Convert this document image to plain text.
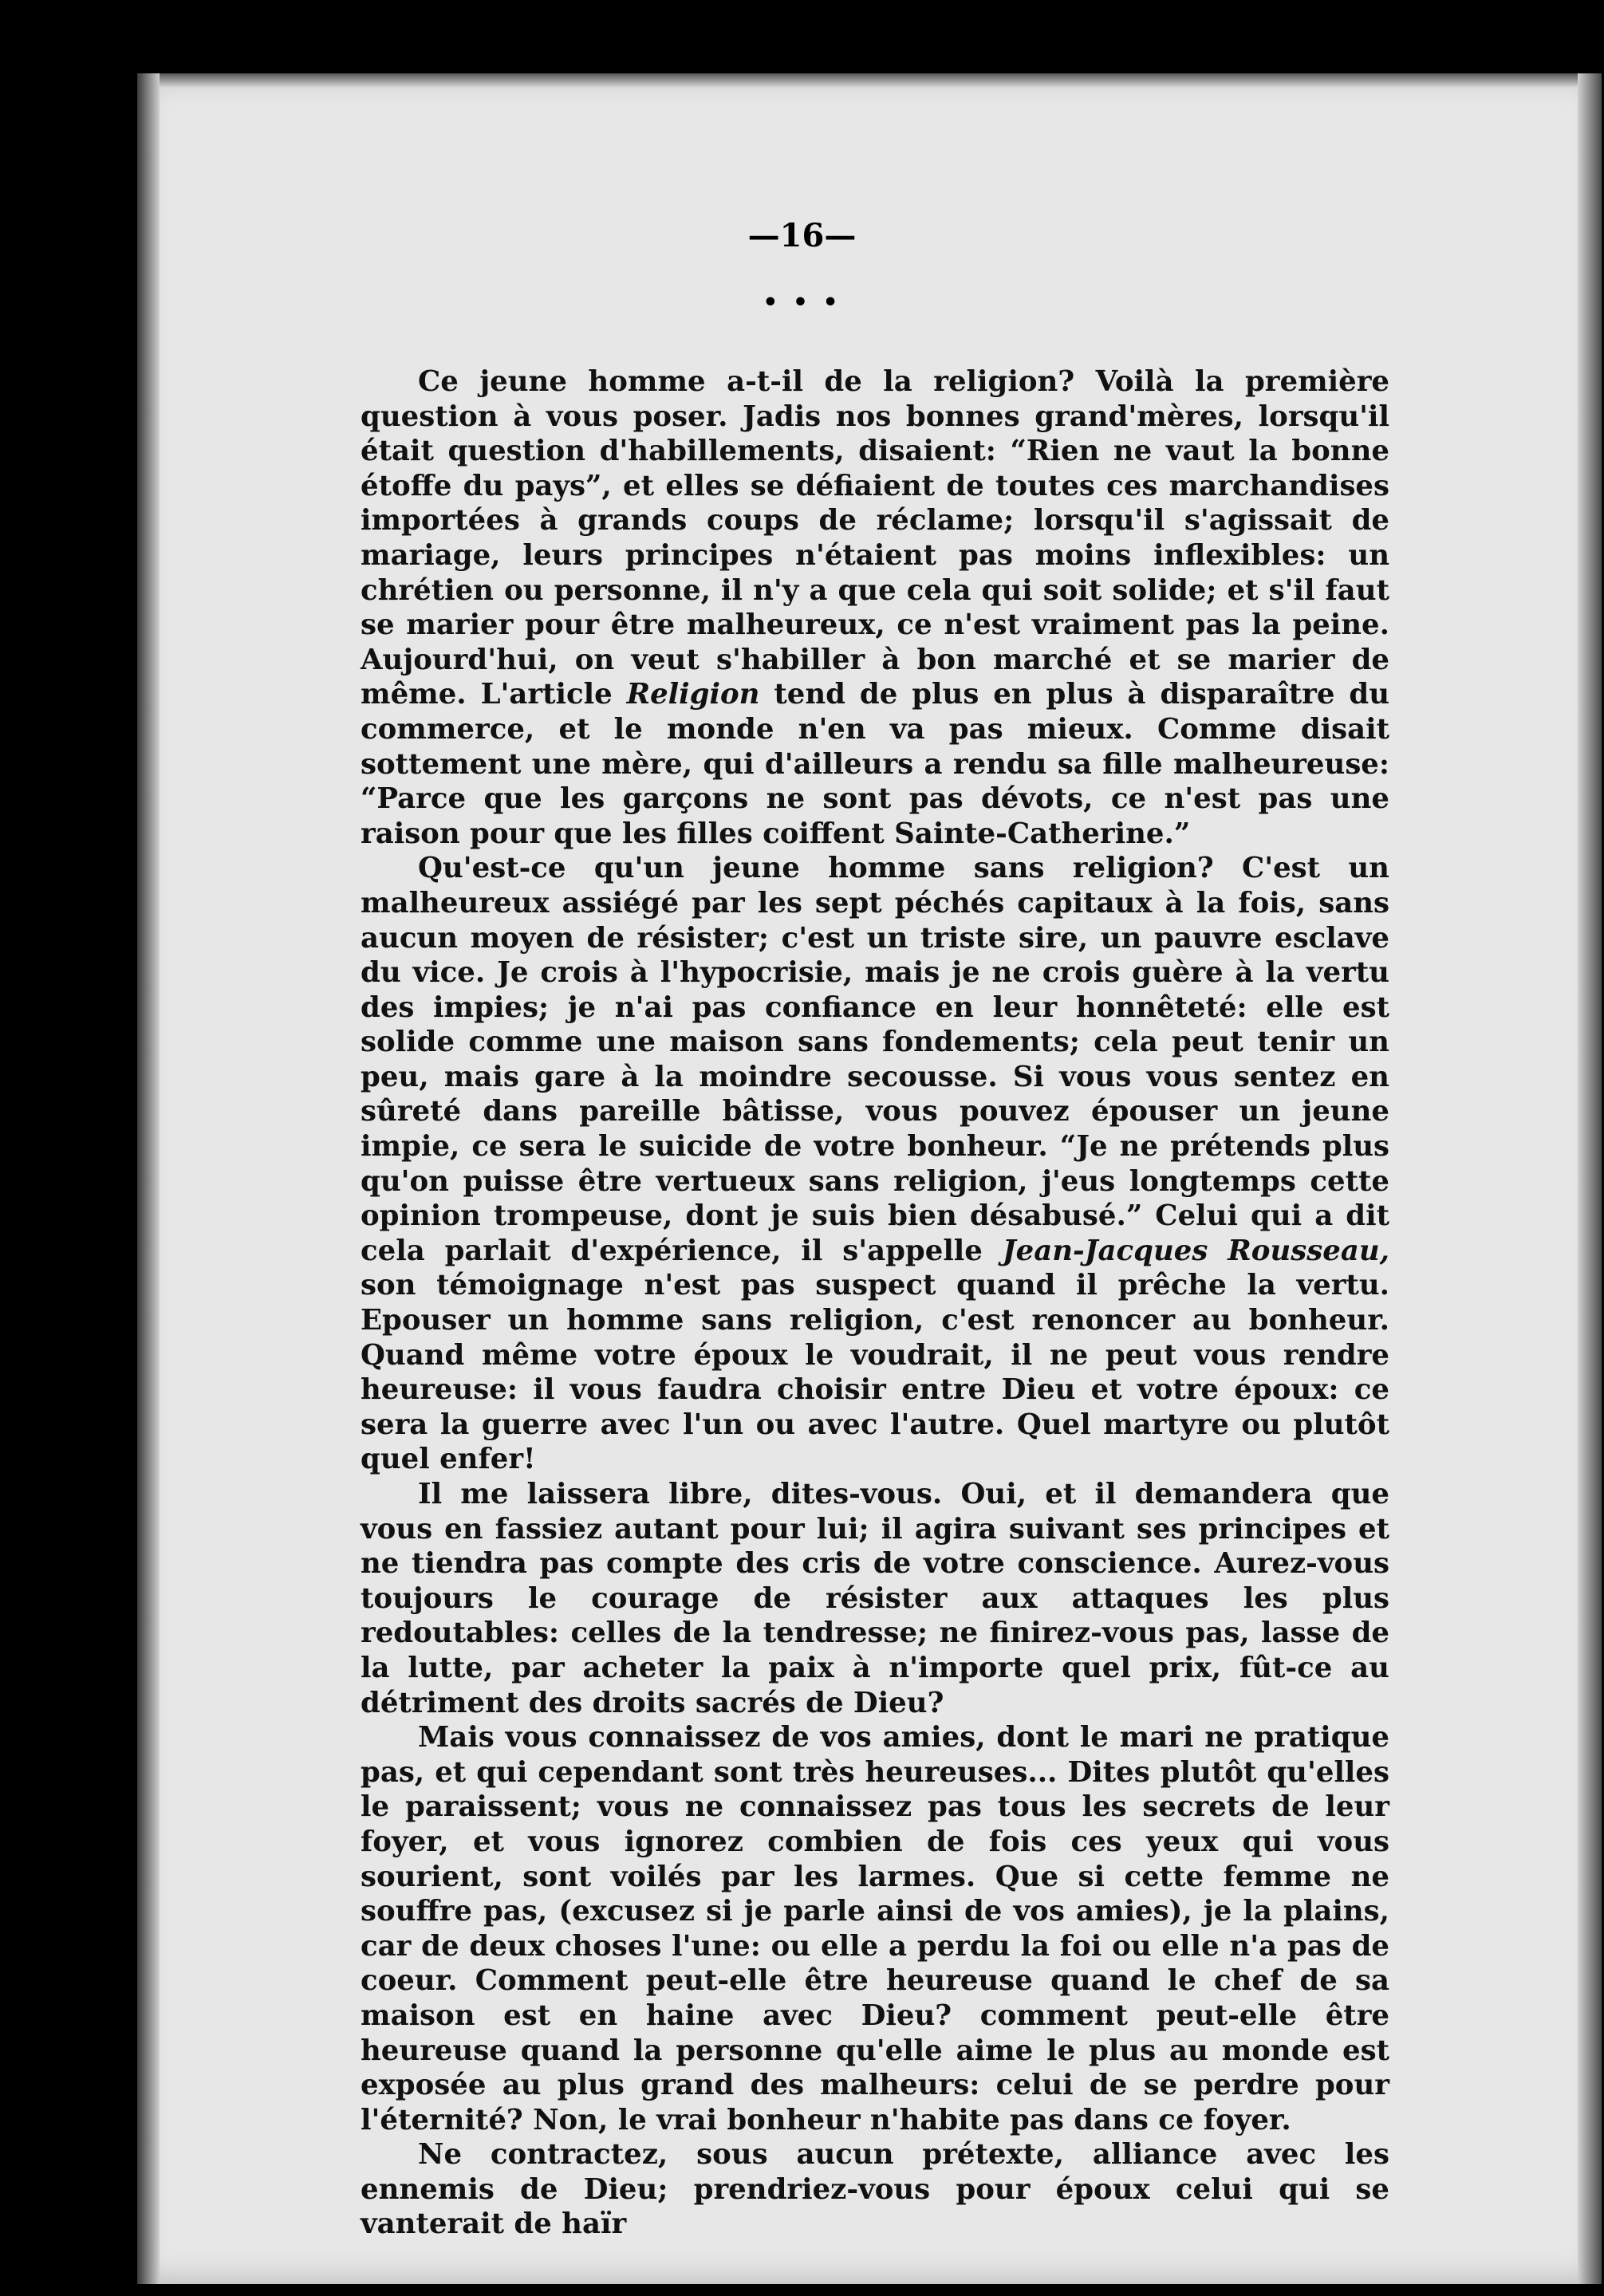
—16—
• • •

Ce jeune homme a-t-il de la religion? Voilà la première question à vous poser. Jadis nos bonnes grand'mères, lorsqu'il était question d'habillements, disaient: “Rien ne vaut la bonne étoffe du pays”, et elles se défiaient de toutes ces marchandises importées à grands coups de réclame; lorsqu'il s'agissait de mariage, leurs principes n'étaient pas moins inflexibles: un chrétien ou personne, il n'y a que cela qui soit solide; et s'il faut se marier pour être malheureux, ce n'est vraiment pas la peine. Aujourd'hui, on veut s'habiller à bon marché et se marier de même. L'article Religion tend de plus en plus à disparaître du commerce, et le monde n'en va pas mieux. Comme disait sottement une mère, qui d'ailleurs a rendu sa fille malheureuse: “Parce que les garçons ne sont pas dévots, ce n'est pas une raison pour que les filles coiffent Sainte-Catherine.”

Qu'est-ce qu'un jeune homme sans religion? C'est un malheureux assiégé par les sept péchés capitaux à la fois, sans aucun moyen de résister; c'est un triste sire, un pauvre esclave du vice. Je crois à l'hypocrisie, mais je ne crois guère à la vertu des impies; je n'ai pas confiance en leur honnêteté: elle est solide comme une maison sans fondements; cela peut tenir un peu, mais gare à la moindre secousse. Si vous vous sentez en sûreté dans pareille bâtisse, vous pouvez épouser un jeune impie, ce sera le suicide de votre bonheur. “Je ne prétends plus qu'on puisse être vertueux sans religion, j'eus longtemps cette opinion trompeuse, dont je suis bien désabusé.” Celui qui a dit cela parlait d'expérience, il s'appelle Jean-Jacques Rousseau, son témoignage n'est pas suspect quand il prêche la vertu. Epouser un homme sans religion, c'est renoncer au bonheur. Quand même votre époux le voudrait, il ne peut vous rendre heureuse: il vous faudra choisir entre Dieu et votre époux: ce sera la guerre avec l'un ou avec l'autre. Quel martyre ou plutôt quel enfer!

Il me laissera libre, dites-vous. Oui, et il demandera que vous en fassiez autant pour lui; il agira suivant ses principes et ne tiendra pas compte des cris de votre conscience. Aurez-vous toujours le courage de résister aux attaques les plus redoutables: celles de la tendresse; ne finirez-vous pas, lasse de la lutte, par acheter la paix à n'importe quel prix, fût-ce au détriment des droits sacrés de Dieu?

Mais vous connaissez de vos amies, dont le mari ne pratique pas, et qui cependant sont très heureuses... Dites plutôt qu'elles le paraissent; vous ne connaissez pas tous les secrets de leur foyer, et vous ignorez combien de fois ces yeux qui vous sourient, sont voilés par les larmes. Que si cette femme ne souffre pas, (excusez si je parle ainsi de vos amies), je la plains, car de deux choses l'une: ou elle a perdu la foi ou elle n'a pas de coeur. Comment peut-elle être heureuse quand le chef de sa maison est en haine avec Dieu? comment peut-elle être heureuse quand la personne qu'elle aime le plus au monde est exposée au plus grand des malheurs: celui de se perdre pour l'éternité? Non, le vrai bonheur n'habite pas dans ce foyer.

Ne contractez, sous aucun prétexte, alliance avec les ennemis de Dieu; prendriez-vous pour époux celui qui se vanterait de haïr
